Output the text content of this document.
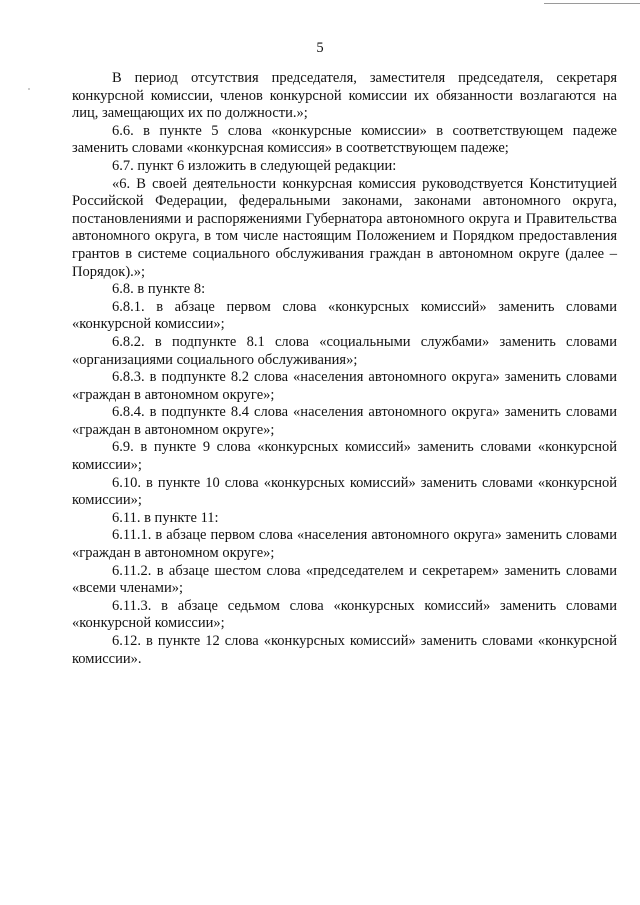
5

В период отсутствия председателя, заместителя председателя, секретаря конкурсной комиссии, членов конкурсной комиссии их обязанности возлагаются на лиц, замещающих их по должности.»;

6.6. в пункте 5 слова «конкурсные комиссии» в соответствующем падеже заменить словами «конкурсная комиссия» в соответствующем падеже;

6.7. пункт 6 изложить в следующей редакции:

«6. В своей деятельности конкурсная комиссия руководствуется Конституцией Российской Федерации, федеральными законами, законами автономного округа, постановлениями и распоряжениями Губернатора автономного округа и Правительства автономного округа, в том числе настоящим Положением и Порядком предоставления грантов в системе социального обслуживания граждан в автономном округе (далее – Порядок).»;

6.8. в пункте 8:

6.8.1. в абзаце первом слова «конкурсных комиссий» заменить словами «конкурсной комиссии»;

6.8.2. в подпункте 8.1 слова «социальными службами» заменить словами «организациями социального обслуживания»;

6.8.3. в подпункте 8.2 слова «населения автономного округа» заменить словами «граждан в автономном округе»;

6.8.4. в подпункте 8.4 слова «населения автономного округа» заменить словами «граждан в автономном округе»;

6.9. в пункте 9 слова «конкурсных комиссий» заменить словами «конкурсной комиссии»;

6.10. в пункте 10 слова «конкурсных комиссий» заменить словами «конкурсной комиссии»;

6.11. в пункте 11:

6.11.1. в абзаце первом слова «населения автономного округа» заменить словами «граждан в автономном округе»;

6.11.2. в абзаце шестом слова «председателем и секретарем» заменить словами «всеми членами»;

6.11.3. в абзаце седьмом слова «конкурсных комиссий» заменить словами «конкурсной комиссии»;

6.12. в пункте 12 слова «конкурсных комиссий» заменить словами «конкурсной комиссии».
